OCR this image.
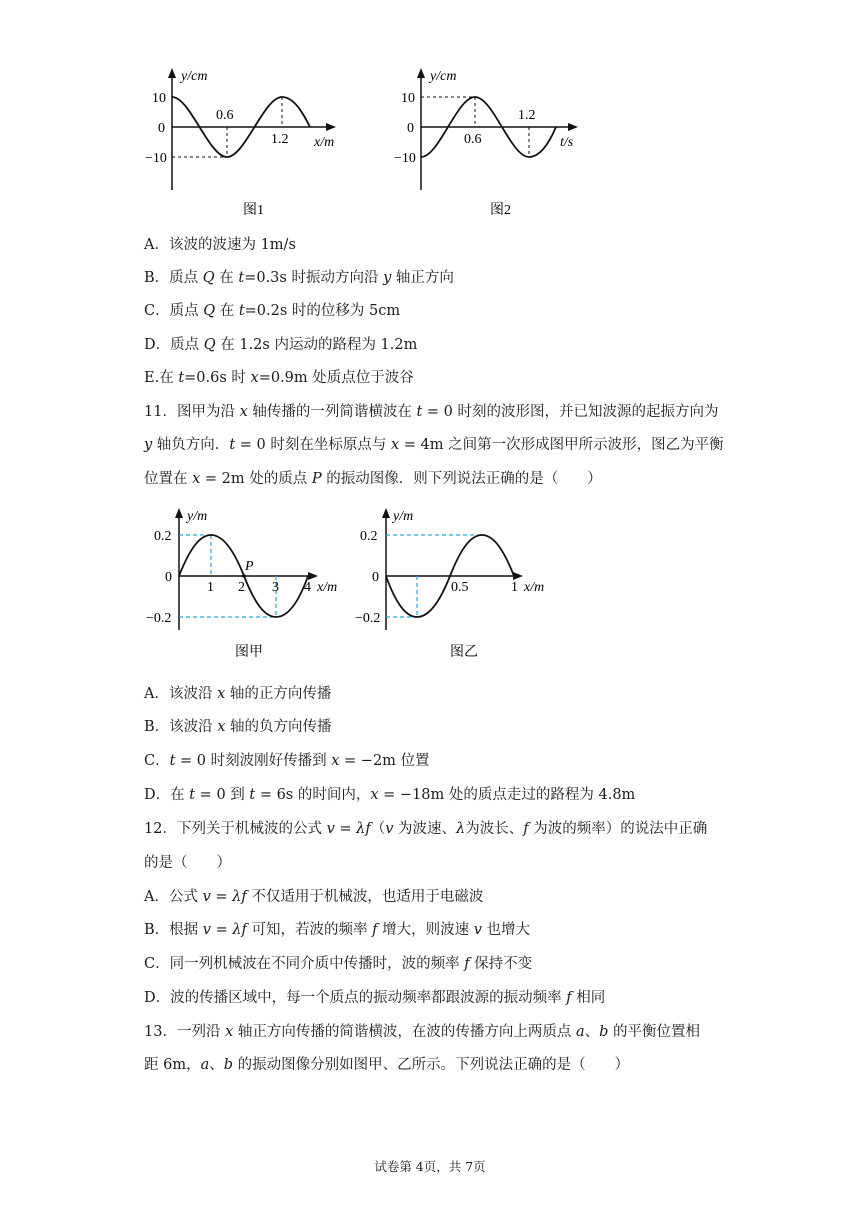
y/cm
10
0
−10
0.6
1.2 x/m
图1
y/cm
10
0
−10
0.6
1.2
t/s
图2
A．该波的波速为 1m/s
B．质点 Q 在 t=0.3s 时振动方向沿 y 轴正方向
C．质点 Q 在 t=0.2s 时的位移为 5cm
D．质点 Q 在 1.2s 内运动的路程为 1.2m
E.在 t=0.6s 时 x=0.9m 处质点位于波谷
11．图甲为沿 x 轴传播的一列简谐横波在 t = 0 时刻的波形图，并已知波源的起振方向为
y 轴负方向．t = 0 时刻在坐标原点与 x = 4m 之间第一次形成图甲所示波形，图乙为平衡
位置在 x = 2m 处的质点 P 的振动图像．则下列说法正确的是（　　）
P
y/m
0.2
0
−0.2
1 2 3 4 x/m
图甲
y/m
0.2
0
−0.2
0.5	1 x/m
图乙
A．该波沿 x 轴的正方向传播
B．该波沿 x 轴的负方向传播
C．t = 0 时刻波刚好传播到 x = −2m 位置
D．在 t = 0 到 t = 6s 的时间内，x = −18m 处的质点走过的路程为 4.8m
12．下列关于机械波的公式 v = λf（v 为波速、λ为波长、f 为波的频率）的说法中正确
的是（　　）
A．公式 v = λf 不仅适用于机械波，也适用于电磁波
B．根据 v = λf 可知，若波的频率 f 增大，则波速 v 也增大
C．同一列机械波在不同介质中传播时，波的频率 f 保持不变
D．波的传播区域中，每一个质点的振动频率都跟波源的振动频率 f 相同
13．一列沿 x 轴正方向传播的简谐横波，在波的传播方向上两质点 a、b 的平衡位置相
距 6m，a、b 的振动图像分别如图甲、乙所示。下列说法正确的是（　　）
试卷第 4页，共 7页
